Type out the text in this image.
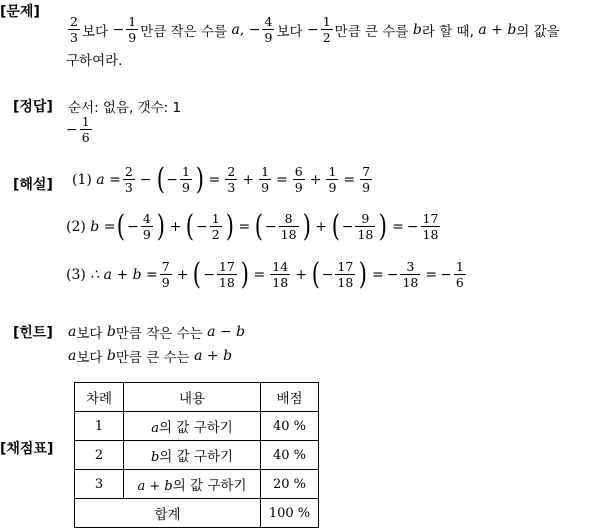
[문제]
[정답]
[해설]
[힌트]
[채점표]
$\frac{2}{3}$ 보다
− $\frac{1}{9}$ 만큼 작은 수를
a ,
− $\frac{4}{9}$ 보다
− $\frac{1}{2}$ 만큼 큰 수를
b 라 할 때,
a + b 의 값을
구하여라.
순서: 없음, 갯수: 1
− $\frac{1}{6}$
(1)
$a = \frac{2}{3}$ − ( − $\frac{1}{9}$ ) = $\frac{2}{3} + \frac{1}{9} = \frac{6}{9} + \frac{1}{9} = \frac{7}{9}$
(2)
b = ( − $\frac{4}{9}$ ) + ( − $\frac{1}{2}$ ) = ( − $\frac{8}{18}$ ) + ( − $\frac{9}{18}$ ) = − $\frac{17}{18}$
(3)
∴ $a + b = \frac{7}{9}$ + ( − $\frac{17}{18}$ ) = $\frac{14}{18}$ + ( − $\frac{17}{18}$ ) = − $\frac{3}{18}$ = − $\frac{1}{6}$
a 보다
b 만큼 작은 수는
a − b
a 보다
b 만큼 큰 수는
a + b
차례	내용	배점
1	a의 값 구하기	40 %
2	b의 값 구하기	40 %
3	a + b의 값 구하기	20 %
합계		100 %
